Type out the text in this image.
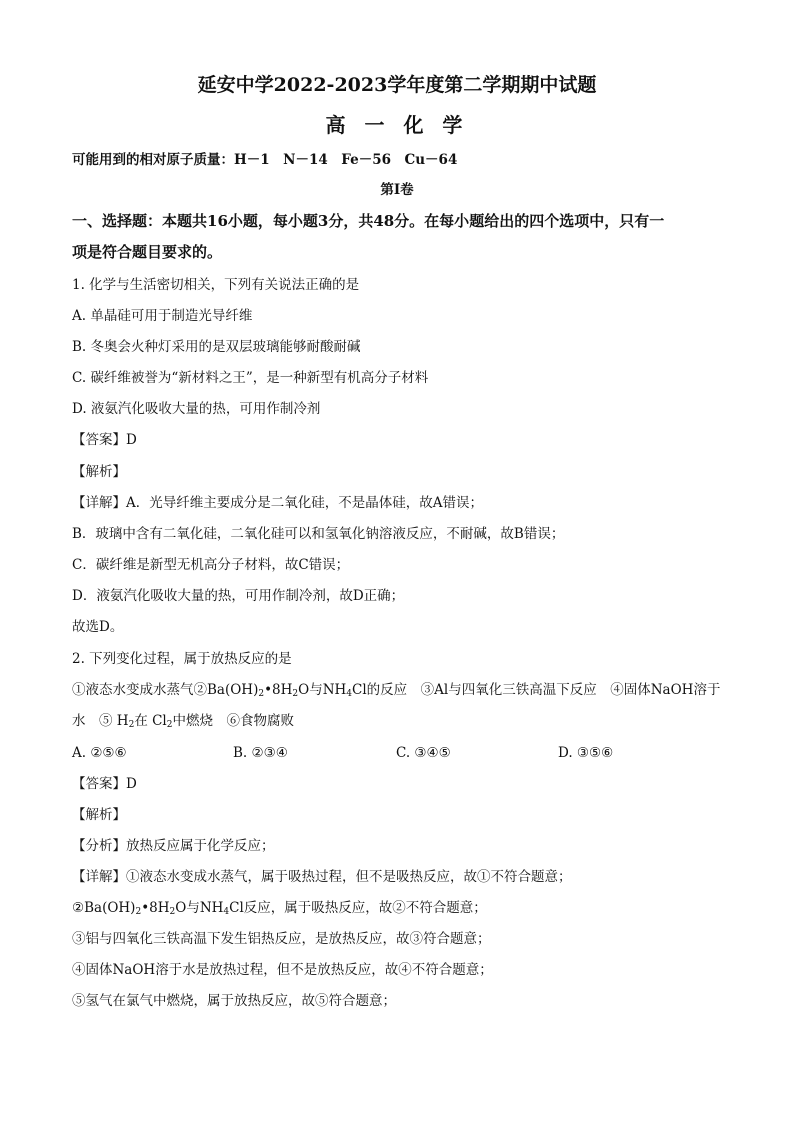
延安中学2022-2023学年度第二学期期中试题
高 一 化 学
可能用到的相对原子质量：H－1　N－14　Fe－56　Cu－64
第Ⅰ卷
一、选择题：本题共16小题，每小题3分，共48分。在每小题给出的四个选项中，只有一
项是符合题目要求的。
1. 化学与生活密切相关，下列有关说法正确的是
A. 单晶硅可用于制造光导纤维
B. 冬奥会火种灯采用的是双层玻璃能够耐酸耐碱
C. 碳纤维被誉为“新材料之王”，是一种新型有机高分子材料
D. 液氨汽化吸收大量的热，可用作制冷剂
【答案】D
【解析】
【详解】A．光导纤维主要成分是二氧化硅，不是晶体硅，故A错误；
B．玻璃中含有二氧化硅，二氧化硅可以和氢氧化钠溶液反应，不耐碱，故B错误；
C．碳纤维是新型无机高分子材料，故C错误；
D．液氨汽化吸收大量的热，可用作制冷剂，故D正确；
故选D。
2. 下列变化过程，属于放热反应的是
①液态水变成水蒸气$②Ba(OH)_2•8H_2O$与$NH_4Cl$的反应　③Al与四氧化三铁高温下反应　④固体NaOH溶于
水　⑤ $H_2$在 $Cl_2$中燃烧　⑥食物腐败
A. ②⑤⑥	B. ②③④	C. ③④⑤	D. ③⑤⑥
【答案】D
【解析】
【分析】放热反应属于化学反应；
【详解】①液态水变成水蒸气，属于吸热过程，但不是吸热反应，故①不符合题意；
$②Ba(OH)_2•8H_2O$与$NH_4Cl$反应，属于吸热反应，故②不符合题意；
③铝与四氧化三铁高温下发生铝热反应，是放热反应，故③符合题意；
④固体NaOH溶于水是放热过程，但不是放热反应，故④不符合题意；
⑤氢气在氯气中燃烧，属于放热反应，故⑤符合题意；
